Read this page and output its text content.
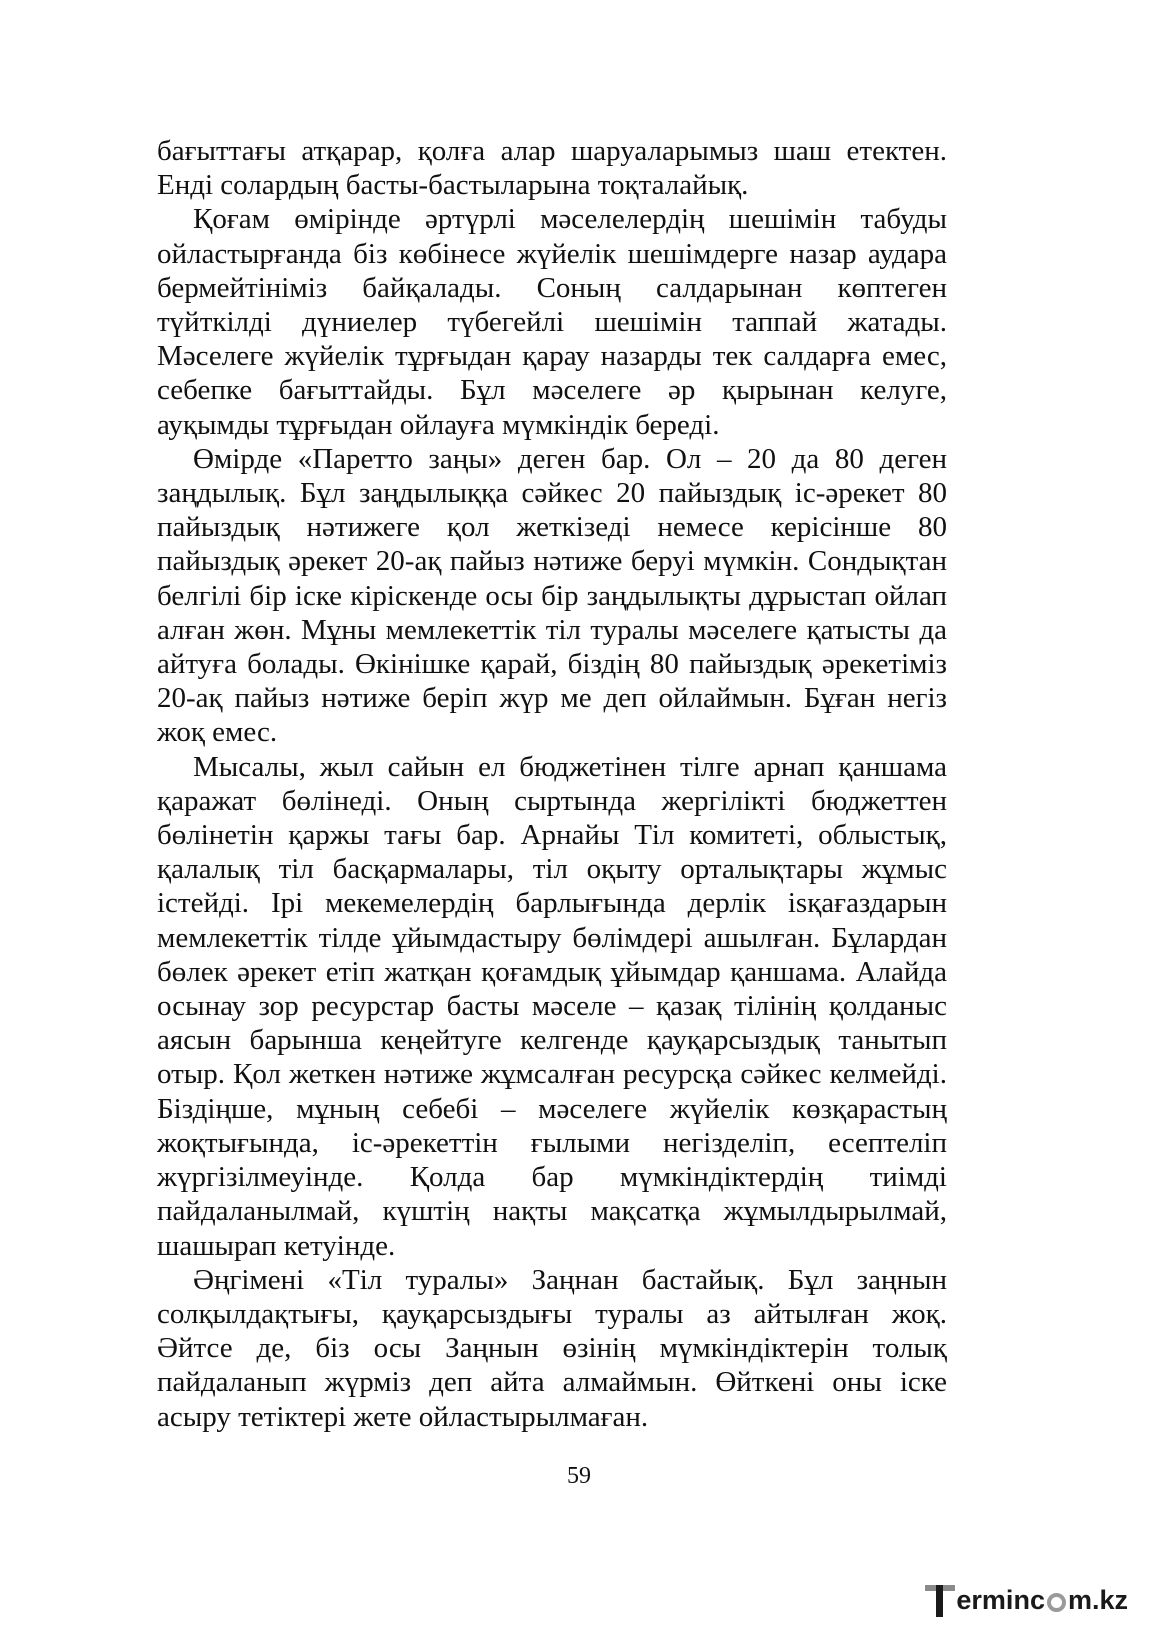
бағыттағы атқарар, қолға алар шаруаларымыз шаш етектен. Енді солардың басты-бастыларына тоқталайық.

Қоғам өмірінде әртүрлі мәселелердің шешімін табуды ойластырғанда біз көбінесе жүйелік шешімдерге назар аудара бермейтініміз байқалады. Соның салдарынан көптеген түйткілді дүниелер түбегейлі шешімін таппай жатады. Мәселеге жүйелік тұрғыдан қарау назарды тек салдарға емес, себепке бағыттайды. Бұл мәселеге әр қырынан келуге, ауқымды тұрғыдан ойлауға мүмкіндік береді.

Өмірде «Паретто заңы» деген бар. Ол – 20 да 80 деген заңдылық. Бұл заңдылыққа сәйкес 20 пайыздық іс-әрекет 80 пайыздық нәтижеге қол жеткізеді немесе керісінше 80 пайыздық әрекет 20-ақ пайыз нәтиже беруі мүмкін. Сондықтан белгілі бір іске кіріскенде осы бір заңдылықты дұрыстап ойлап алған жөн. Мұны мемлекеттік тіл туралы мәселеге қатысты да айтуға болады. Өкінішке қарай, біздің 80 пайыздық әрекетіміз 20-ақ пайыз нәтиже беріп жүр ме деп ойлаймын. Бұған негіз жоқ емес.

Мысалы, жыл сайын ел бюджетінен тілге арнап қаншама қаражат бөлінеді. Оның сыртында жергілікті бюджеттен бөлінетін қаржы тағы бар. Арнайы Тіл комитеті, облыстық, қалалық тіл басқармалары, тіл оқыту орталықтары жұмыс істейді. Ірі мекемелердің барлығында дерлік іsқағаздарын мемлекеттік тілде ұйымдастыру бөлімдері ашылған. Бұлардан бөлек әрекет етіп жатқан қоғамдық ұйымдар қаншама. Алайда осынау зор ресурстар басты мәселе – қазақ тілінің қолданыс аясын барынша кеңейтуге келгенде қауқарсыздық танытып отыр. Қол жеткен нәтиже жұмсалған ресурсқа сәйкес келмейді. Біздіңше, мұның себебі – мәселеге жүйелік көзқарастың жоқтығында, іс-әрекеттін ғылыми негізделіп, есептеліп жүргізілмеуінде. Қолда бар мүмкіндіктердің тиімді пайдаланылмай, күштің нақты мақсатқа жұмылдырылмай, шашырап кетуінде.

Әңгімені «Тіл туралы» Заңнан бастайық. Бұл заңнын солқылдақтығы, қауқарсыздығы туралы аз айтылған жоқ. Әйтсе де, біз осы Заңнын өзінің мүмкіндіктерін толық пайдаланып жүрміз деп айта алмаймын. Өйткені оны іске асыру тетіктері жете ойластырылмаған.

59
ermin c m.kz
